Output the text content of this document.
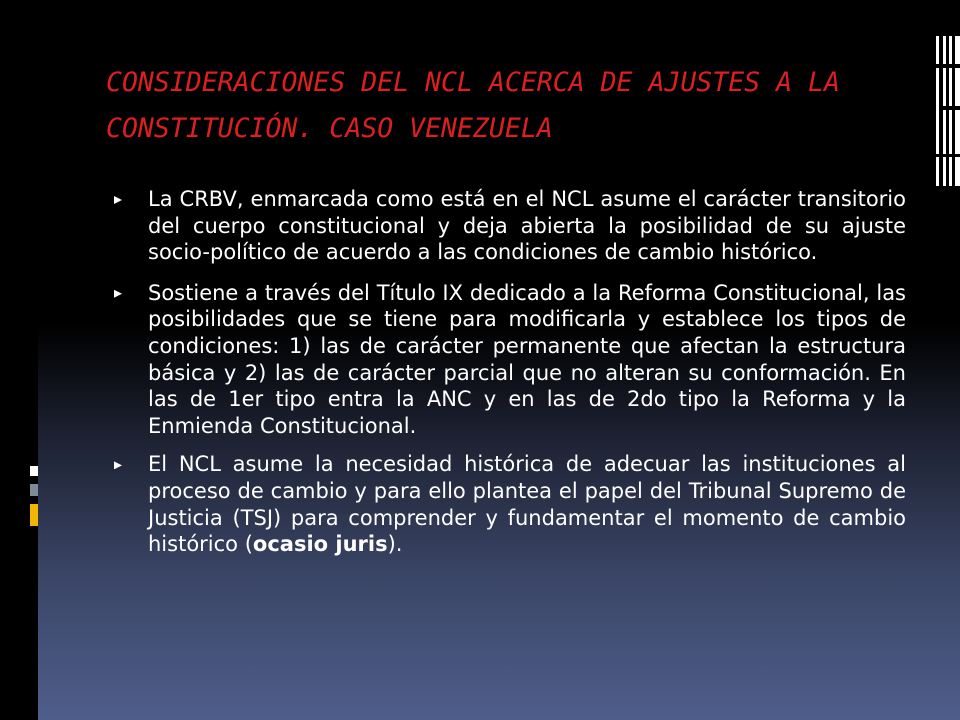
CONSIDERACIONES DEL NCL ACERCA DE AJUSTES A LA CONSTITUCIÓN. CASO VENEZUELA
La CRBV, enmarcada como está en el NCL asume el carácter transitorio del cuerpo constitucional y deja abierta la posibilidad de su ajuste socio-político de acuerdo a las condiciones de cambio histórico.
Sostiene a través del Título IX dedicado a la Reforma Constitucional, las posibilidades que se tiene para modificarla y establece los tipos de condiciones: 1) las de carácter permanente que afectan la estructura básica y 2) las de carácter parcial que no alteran su conformación. En las de 1er tipo entra la ANC y en las de 2do tipo la Reforma y la Enmienda Constitucional.
El NCL asume la necesidad histórica de adecuar las instituciones al proceso de cambio y para ello plantea el papel del Tribunal Supremo de Justicia (TSJ) para comprender y fundamentar el momento de cambio histórico (ocasio juris).
